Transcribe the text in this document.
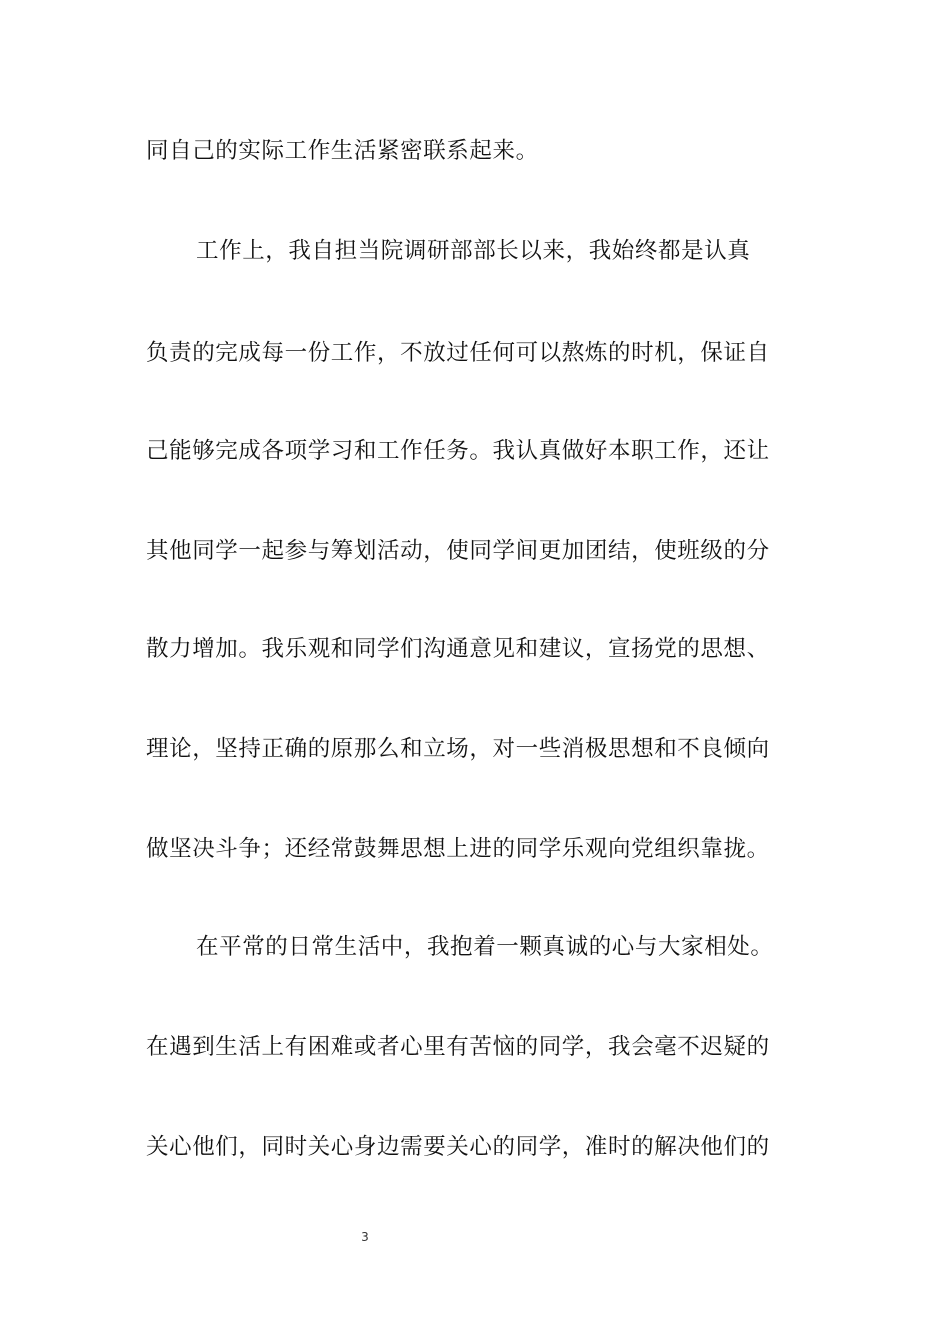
同自己的实际工作生活紧密联系起来。
工作上，我自担当院调研部部长以来，我始终都是认真
负责的完成每一份工作，不放过任何可以熬炼的时机，保证自
己能够完成各项学习和工作任务。我认真做好本职工作，还让
其他同学一起参与筹划活动，使同学间更加团结，使班级的分
散力增加。我乐观和同学们沟通意见和建议，宣扬党的思想、
理论，坚持正确的原那么和立场，对一些消极思想和不良倾向
做坚决斗争；还经常鼓舞思想上进的同学乐观向党组织靠拢。
在平常的日常生活中，我抱着一颗真诚的心与大家相处。
在遇到生活上有困难或者心里有苦恼的同学，我会毫不迟疑的
关心他们，同时关心身边需要关心的同学，准时的解决他们的
3
